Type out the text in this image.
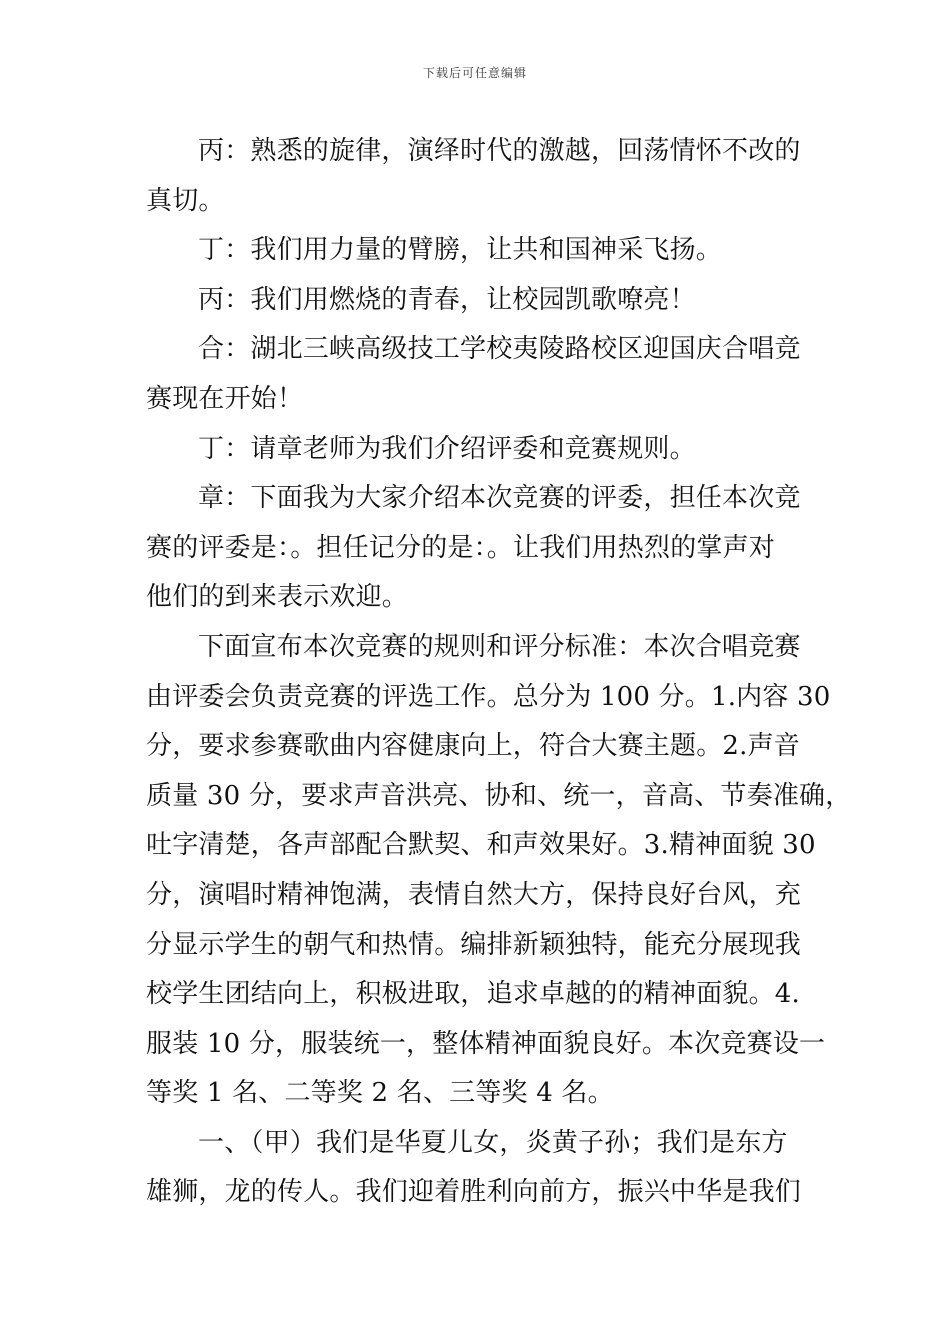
下载后可任意编辑
丙：熟悉的旋律，演绎时代的激越，回荡情怀不改的
真切。
丁：我们用力量的臂膀，让共和国神采飞扬。
丙：我们用燃烧的青春，让校园凯歌嘹亮！
合：湖北三峡高级技工学校夷陵路校区迎国庆合唱竞
赛现在开始！
丁：请章老师为我们介绍评委和竞赛规则。
章：下面我为大家介绍本次竞赛的评委，担任本次竞
赛的评委是：。担任记分的是：。让我们用热烈的掌声对
他们的到来表示欢迎。
下面宣布本次竞赛的规则和评分标准：本次合唱竞赛
由评委会负责竞赛的评选工作。总分为 100 分。1.内容 30
分，要求参赛歌曲内容健康向上，符合大赛主题。2.声音
质量 30 分，要求声音洪亮、协和、统一，音高、节奏准确，
吐字清楚，各声部配合默契、和声效果好。3.精神面貌 30
分，演唱时精神饱满，表情自然大方，保持良好台风，充
分显示学生的朝气和热情。编排新颖独特，能充分展现我
校学生团结向上，积极进取，追求卓越的的精神面貌。4.
服装 10 分，服装统一，整体精神面貌良好。本次竞赛设一
等奖 1 名、二等奖 2 名、三等奖 4 名。
一、（甲）我们是华夏儿女，炎黄子孙；我们是东方
雄狮，龙的传人。我们迎着胜利向前方，振兴中华是我们
